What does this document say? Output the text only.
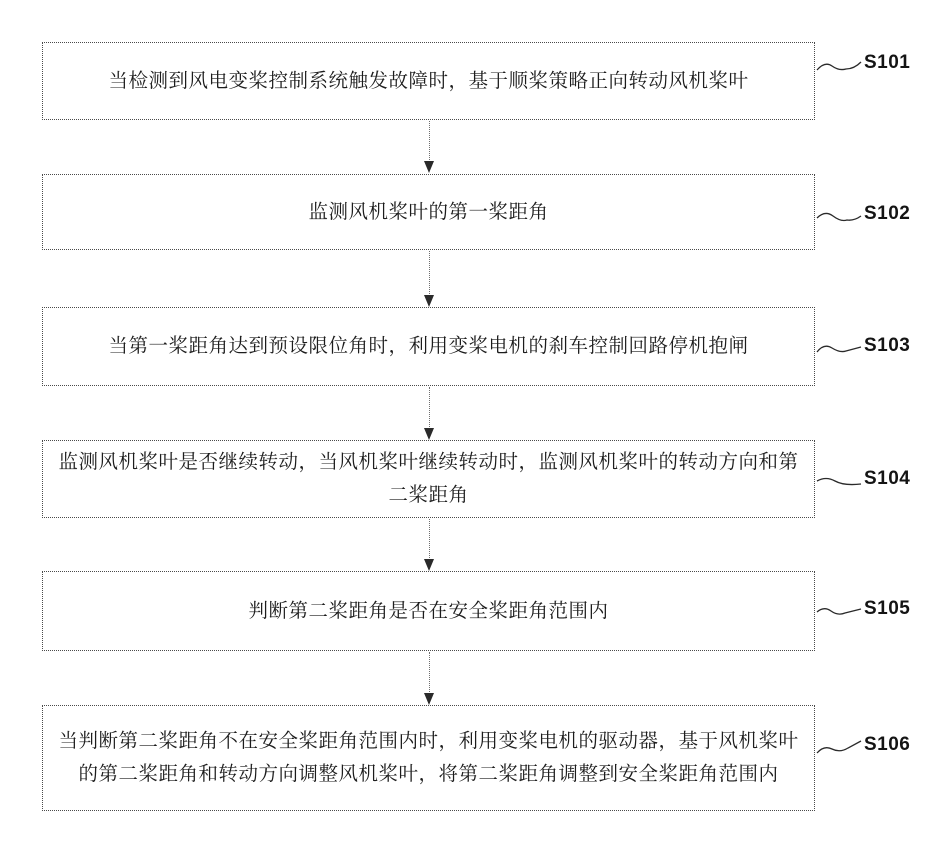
当检测到风电变桨控制系统触发故障时，基于顺桨策略正向转动风机桨叶
监测风机桨叶的第一桨距角
当第一桨距角达到预设限位角时，利用变桨电机的刹车控制回路停机抱闸
监测风机桨叶是否继续转动，当风机桨叶继续转动时，监测风机桨叶的转动方向和第二桨距角
判断第二桨距角是否在安全桨距角范围内
当判断第二桨距角不在安全桨距角范围内时，利用变桨电机的驱动器，基于风机桨叶的第二桨距角和转动方向调整风机桨叶，将第二桨距角调整到安全桨距角范围内
S101
S102
S103
S104
S105
S106
